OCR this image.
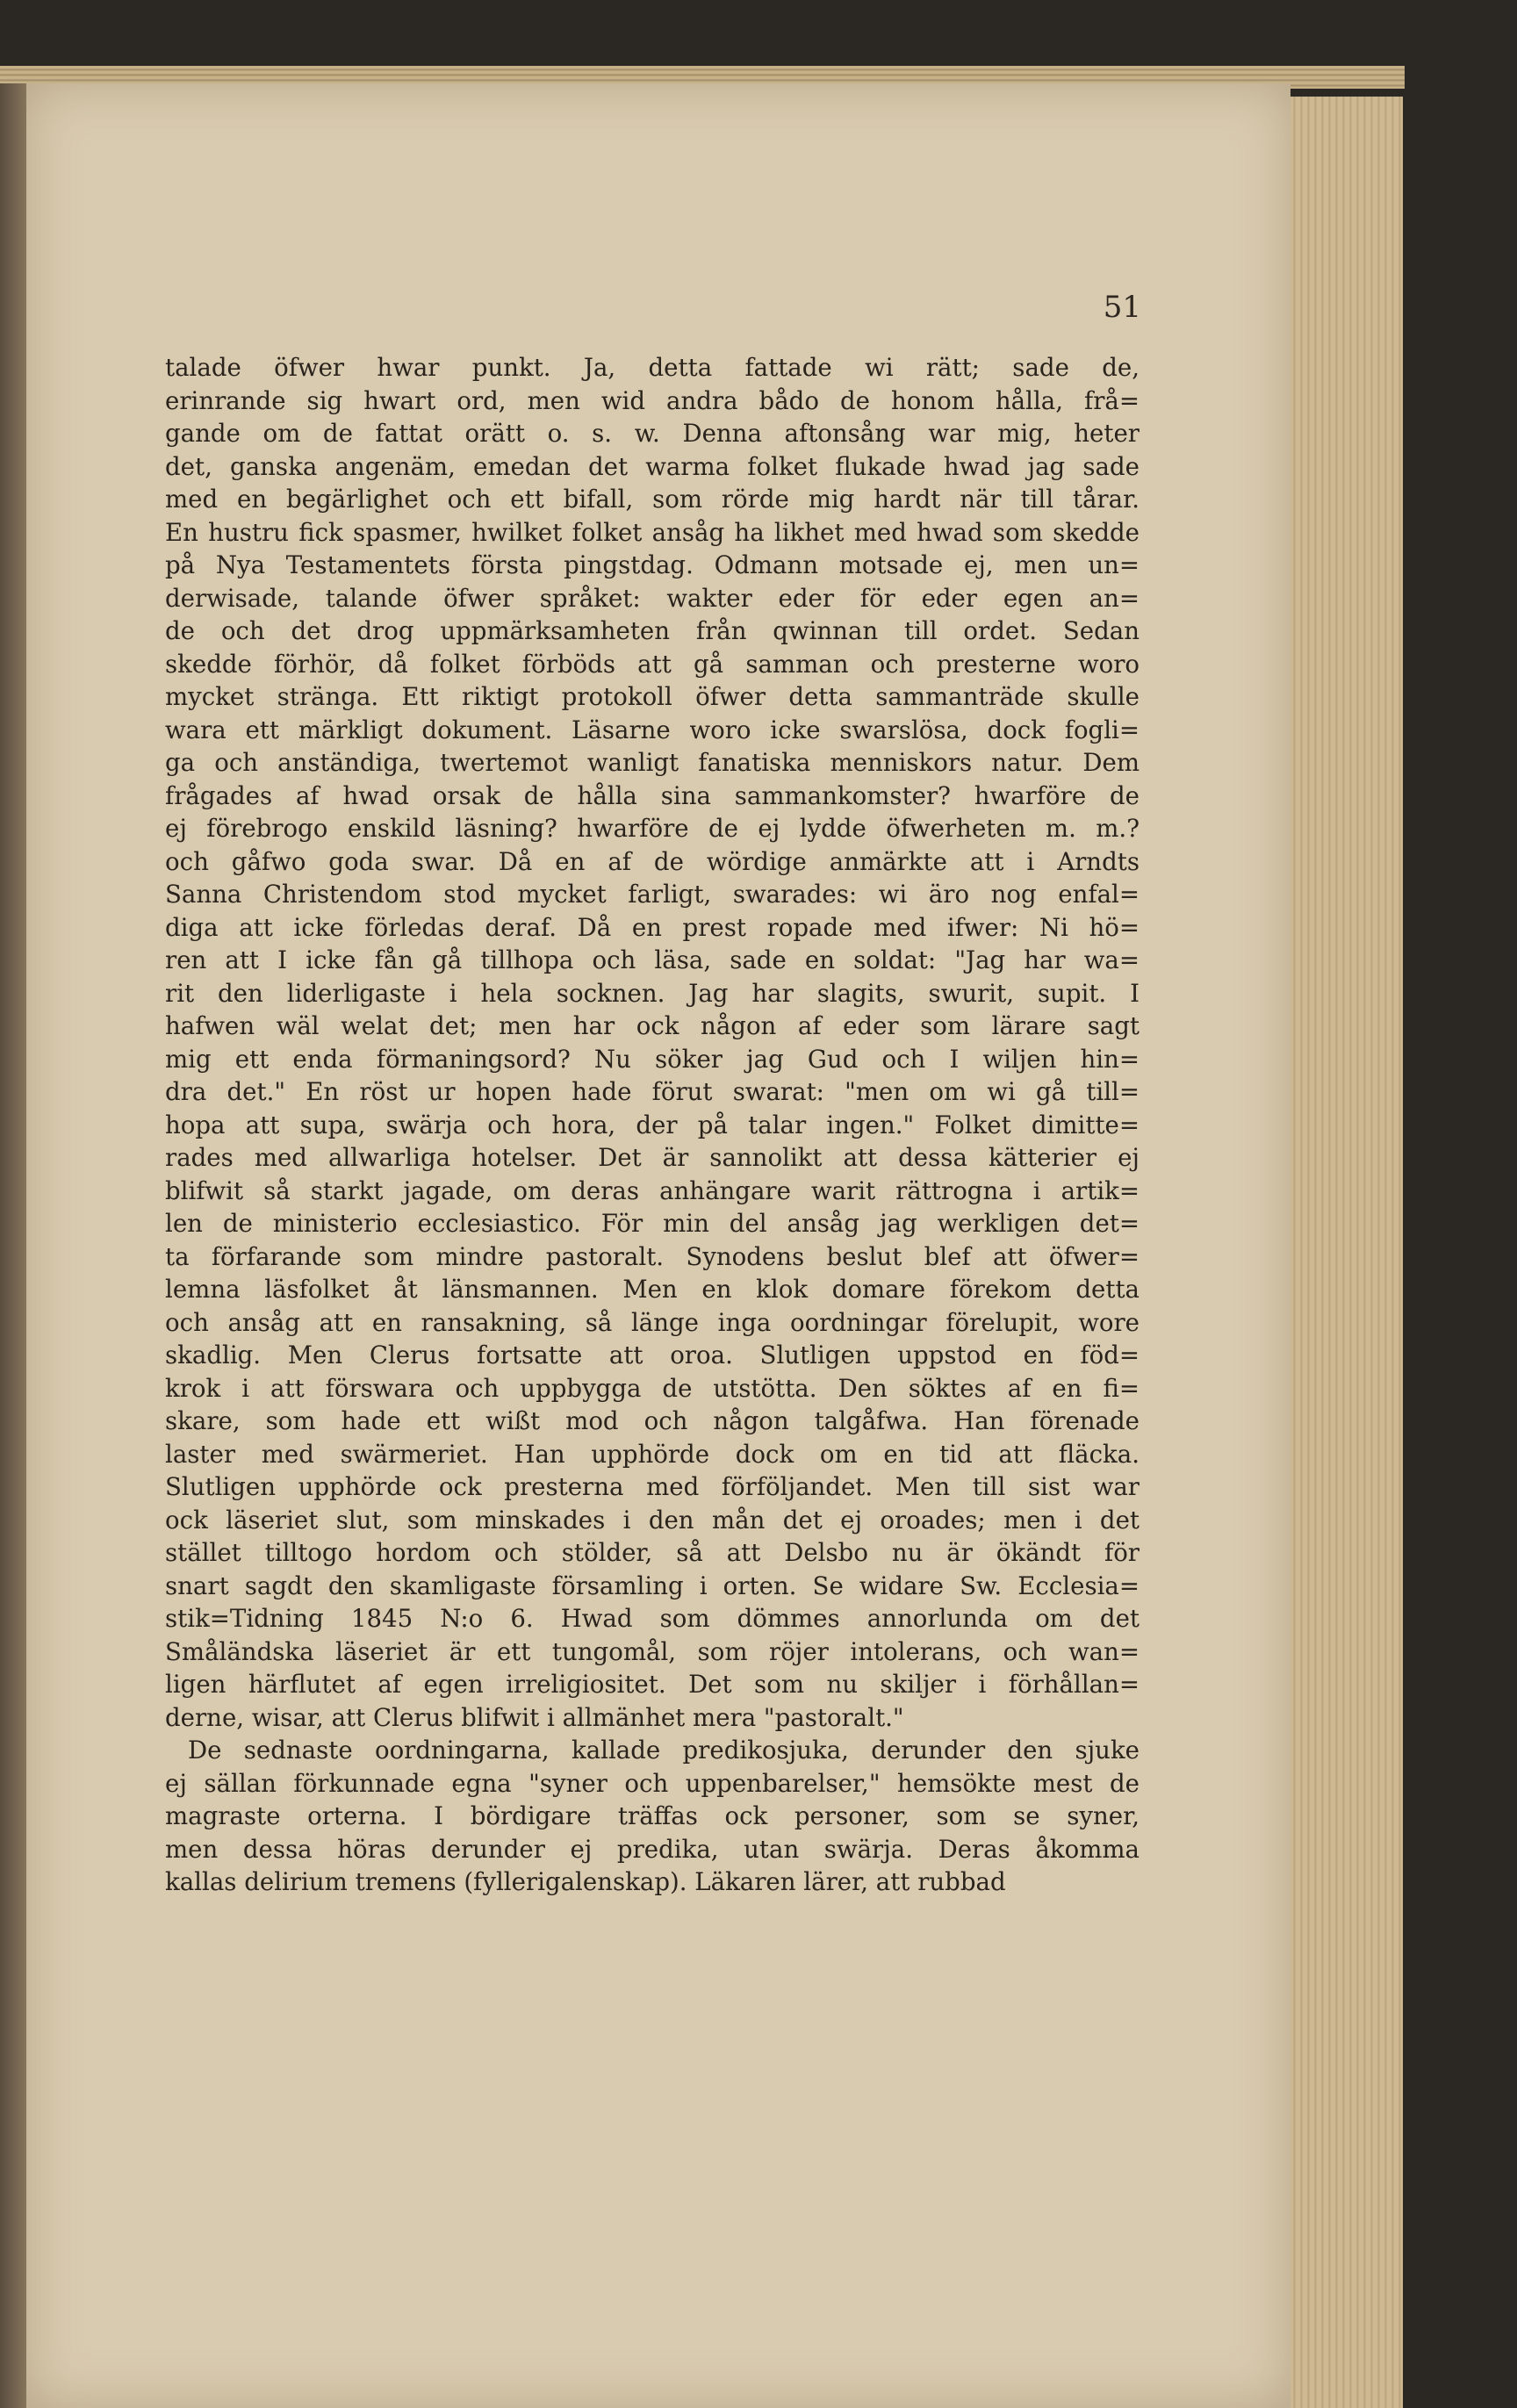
51
talade öfwer hwar punkt. Ja, detta fattade wi rätt; sade de,
erinrande sig hwart ord, men wid andra bådo de honom hålla, frå=
gande om de fattat orätt o. s. w. Denna aftonsång war mig, heter
det, ganska angenäm, emedan det warma folket flukade hwad jag sade
med en begärlighet och ett bifall, som rörde mig hardt när till tårar.
En hustru fick spasmer, hwilket folket ansåg ha likhet med hwad som skedde
på Nya Testamentets första pingstdag. Odmann motsade ej, men un=
derwisade, talande öfwer språket: wakter eder för eder egen an=
de och det drog uppmärksamheten från qwinnan till ordet. Sedan
skedde förhör, då folket förböds att gå samman och presterne woro
mycket stränga. Ett riktigt protokoll öfwer detta sammanträde skulle
wara ett märkligt dokument. Läsarne woro icke swarslösa, dock fogli=
ga och anständiga, twertemot wanligt fanatiska menniskors natur. Dem
frågades af hwad orsak de hålla sina sammankomster? hwarföre de
ej förebrogo enskild läsning? hwarföre de ej lydde öfwerheten m. m.?
och gåfwo goda swar. Då en af de wördige anmärkte att i Arndts
Sanna Christendom stod mycket farligt, swarades: wi äro nog enfal=
diga att icke förledas deraf. Då en prest ropade med ifwer: Ni hö=
ren att I icke fån gå tillhopa och läsa, sade en soldat: "Jag har wa=
rit den liderligaste i hela socknen. Jag har slagits, swurit, supit. I
hafwen wäl welat det; men har ock någon af eder som lärare sagt
mig ett enda förmaningsord? Nu söker jag Gud och I wiljen hin=
dra det." En röst ur hopen hade förut swarat: "men om wi gå till=
hopa att supa, swärja och hora, der på talar ingen." Folket dimitte=
rades med allwarliga hotelser. Det är sannolikt att dessa kätterier ej
blifwit så starkt jagade, om deras anhängare warit rättrogna i artik=
len de ministerio ecclesiastico. För min del ansåg jag werkligen det=
ta förfarande som mindre pastoralt. Synodens beslut blef att öfwer=
lemna läsfolket åt länsmannen. Men en klok domare förekom detta
och ansåg att en ransakning, så länge inga oordningar förelupit, wore
skadlig. Men Clerus fortsatte att oroa. Slutligen uppstod en föd=
krok i att förswara och uppbygga de utstötta. Den söktes af en fi=
skare, som hade ett wißt mod och någon talgåfwa. Han förenade
laster med swärmeriet. Han upphörde dock om en tid att fläcka.
Slutligen upphörde ock presterna med förföljandet. Men till sist war
ock läseriet slut, som minskades i den mån det ej oroades; men i det
stället tilltogo hordom och stölder, så att Delsbo nu är ökändt för
snart sagdt den skamligaste församling i orten. Se widare Sw. Ecclesia=
stik=Tidning 1845 N:o 6. Hwad som dömmes annorlunda om det
Småländska läseriet är ett tungomål, som röjer intolerans, och wan=
ligen härflutet af egen irreligiositet. Det som nu skiljer i förhållan=
derne, wisar, att Clerus blifwit i allmänhet mera "pastoralt."
De sednaste oordningarna, kallade predikosjuka, derunder den sjuke
ej sällan förkunnade egna "syner och uppenbarelser," hemsökte mest de
magraste orterna. I bördigare träffas ock personer, som se syner,
men dessa höras derunder ej predika, utan swärja. Deras åkomma
kallas delirium tremens (fyllerigalenskap). Läkaren lärer, att rubbad
